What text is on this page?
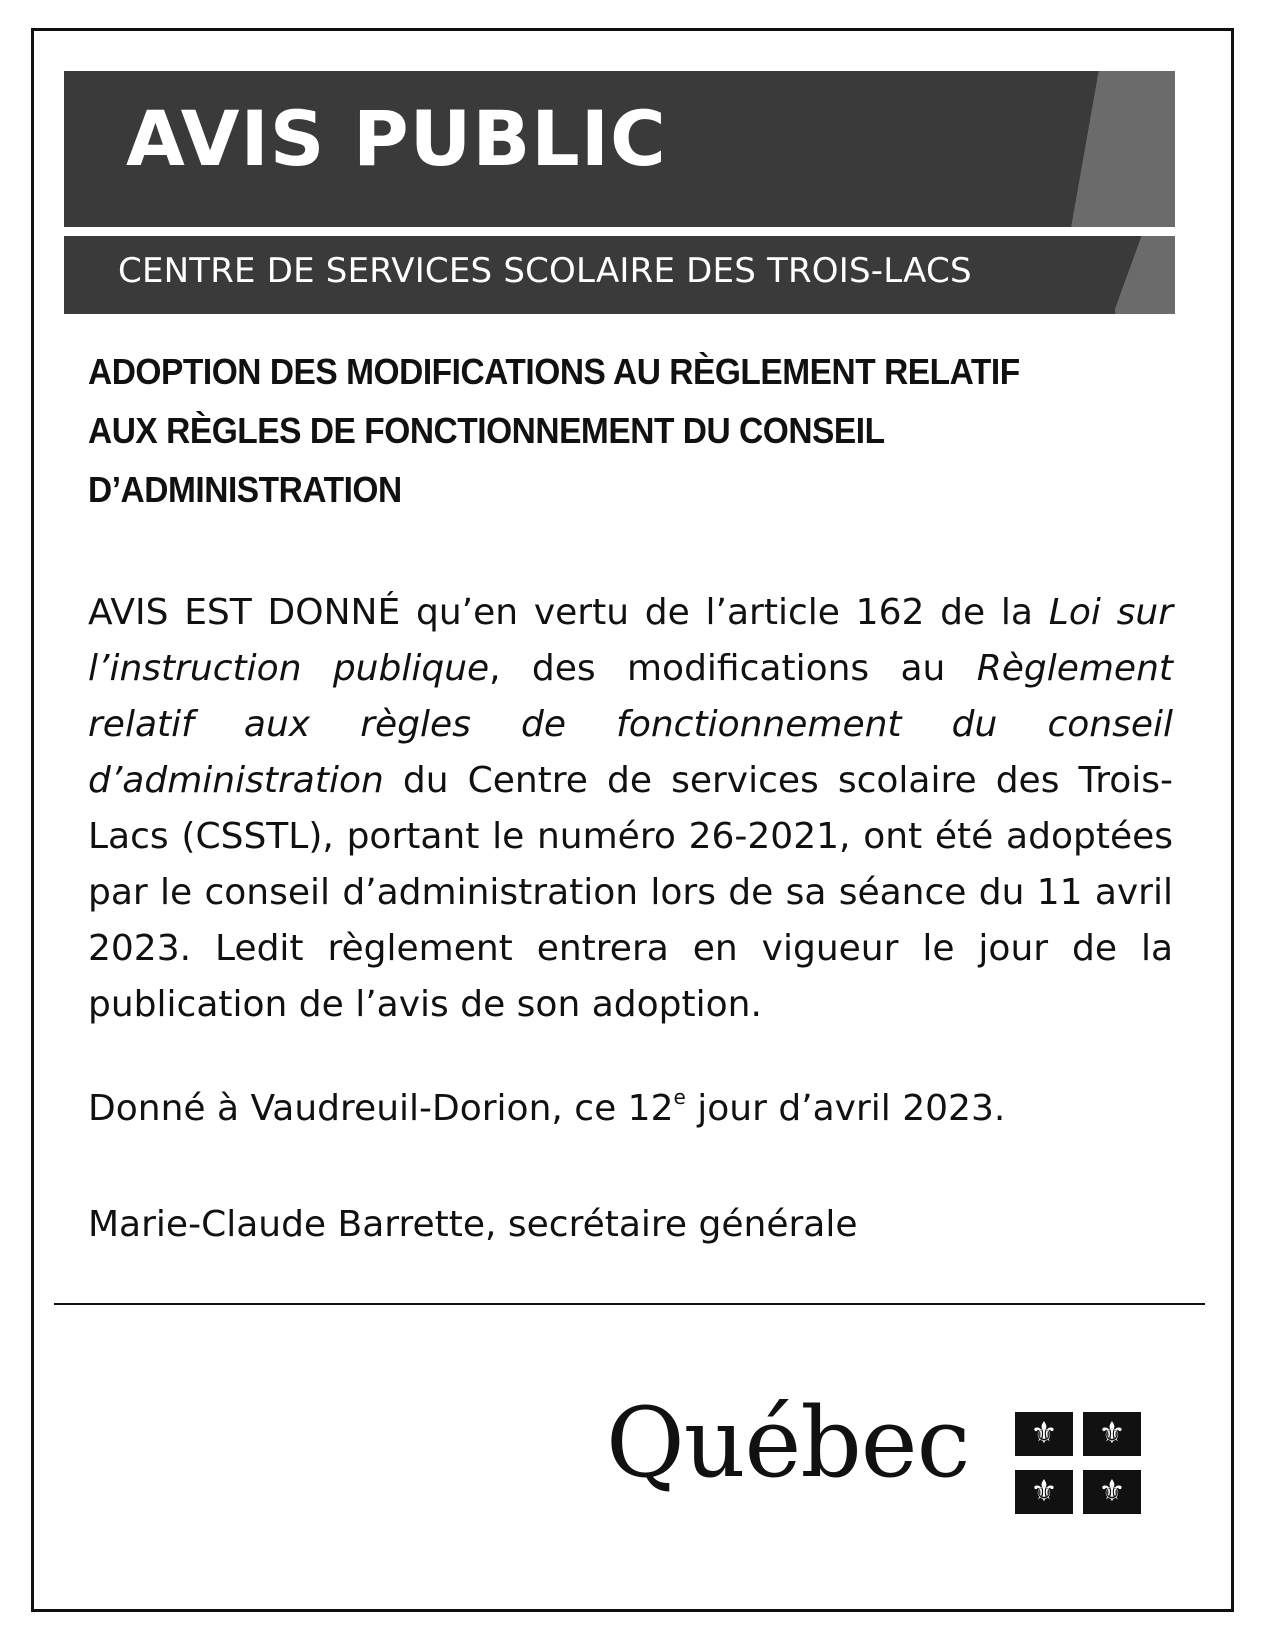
AVIS PUBLIC
CENTRE DE SERVICES SCOLAIRE DES TROIS-LACS
ADOPTION DES MODIFICATIONS AU RÈGLEMENT RELATIF
AUX RÈGLES DE FONCTIONNEMENT DU CONSEIL
D’ADMINISTRATION
AVIS EST DONNÉ qu’en vertu de l’article 162 de la Loi sur l’instruction publique, des modifications au Règlement relatif aux règles de fonctionnement du conseil d’administration du Centre de services scolaire des Trois-Lacs (CSSTL), portant le numéro 26-2021, ont été adoptées par le conseil d’administration lors de sa séance du 11 avril 2023. Ledit règlement entrera en vigueur le jour de la publication de l’avis de son adoption.
Donné à Vaudreuil-Dorion, ce 12e jour d’avril 2023.
Marie-Claude Barrette, secrétaire générale
Québec	⚜	⚜
⚜	⚜
